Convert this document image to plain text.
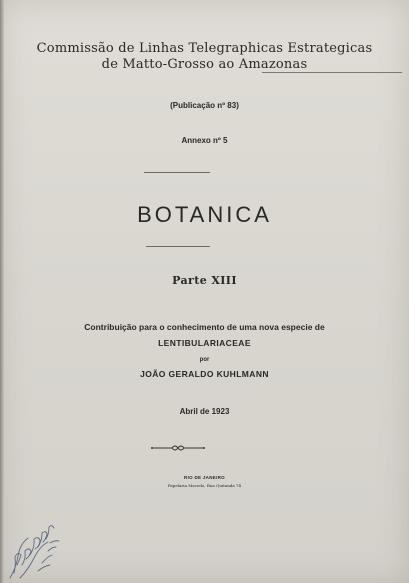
Commissão de Linhas Telegraphicas Estrategicas
de Matto-Grosso ao Amazonas
(Publicação nº 83)
Annexo nº 5
BOTANICA
Parte XIII
Contribuição para o conhecimento de uma nova especie de
LENTIBULARIACEAE
por
JOÃO GERALDO KUHLMANN
Abril de 1923
RIO DE JANEIRO
Papelaria Macedo, Rua Quitanda 74
